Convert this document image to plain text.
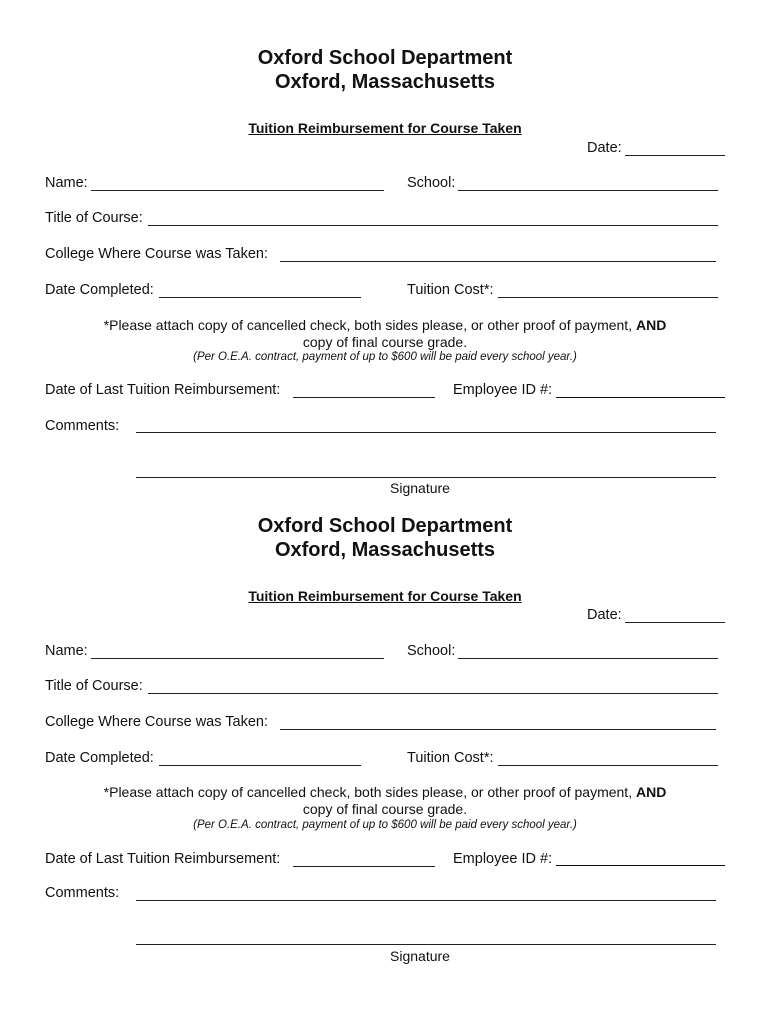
Oxford School Department
Oxford, Massachusetts
Tuition Reimbursement for Course Taken
Date:
Name:	School:
Title of Course:
College Where Course was Taken:
Date Completed:	Tuition Cost*:
*Please attach copy of cancelled check, both sides please, or other proof of payment, AND
copy of final course grade.
(Per O.E.A. contract, payment of up to $600 will be paid every school year.)
Date of Last Tuition Reimbursement:	Employee ID #:
Comments:
Signature
Oxford School Department
Oxford, Massachusetts
Tuition Reimbursement for Course Taken
Date:
Name:	School:
Title of Course:
College Where Course was Taken:
Date Completed:	Tuition Cost*:
*Please attach copy of cancelled check, both sides please, or other proof of payment, AND
copy of final course grade.
(Per O.E.A. contract, payment of up to $600 will be paid every school year.)
Date of Last Tuition Reimbursement:	Employee ID #:
Comments:
Signature
